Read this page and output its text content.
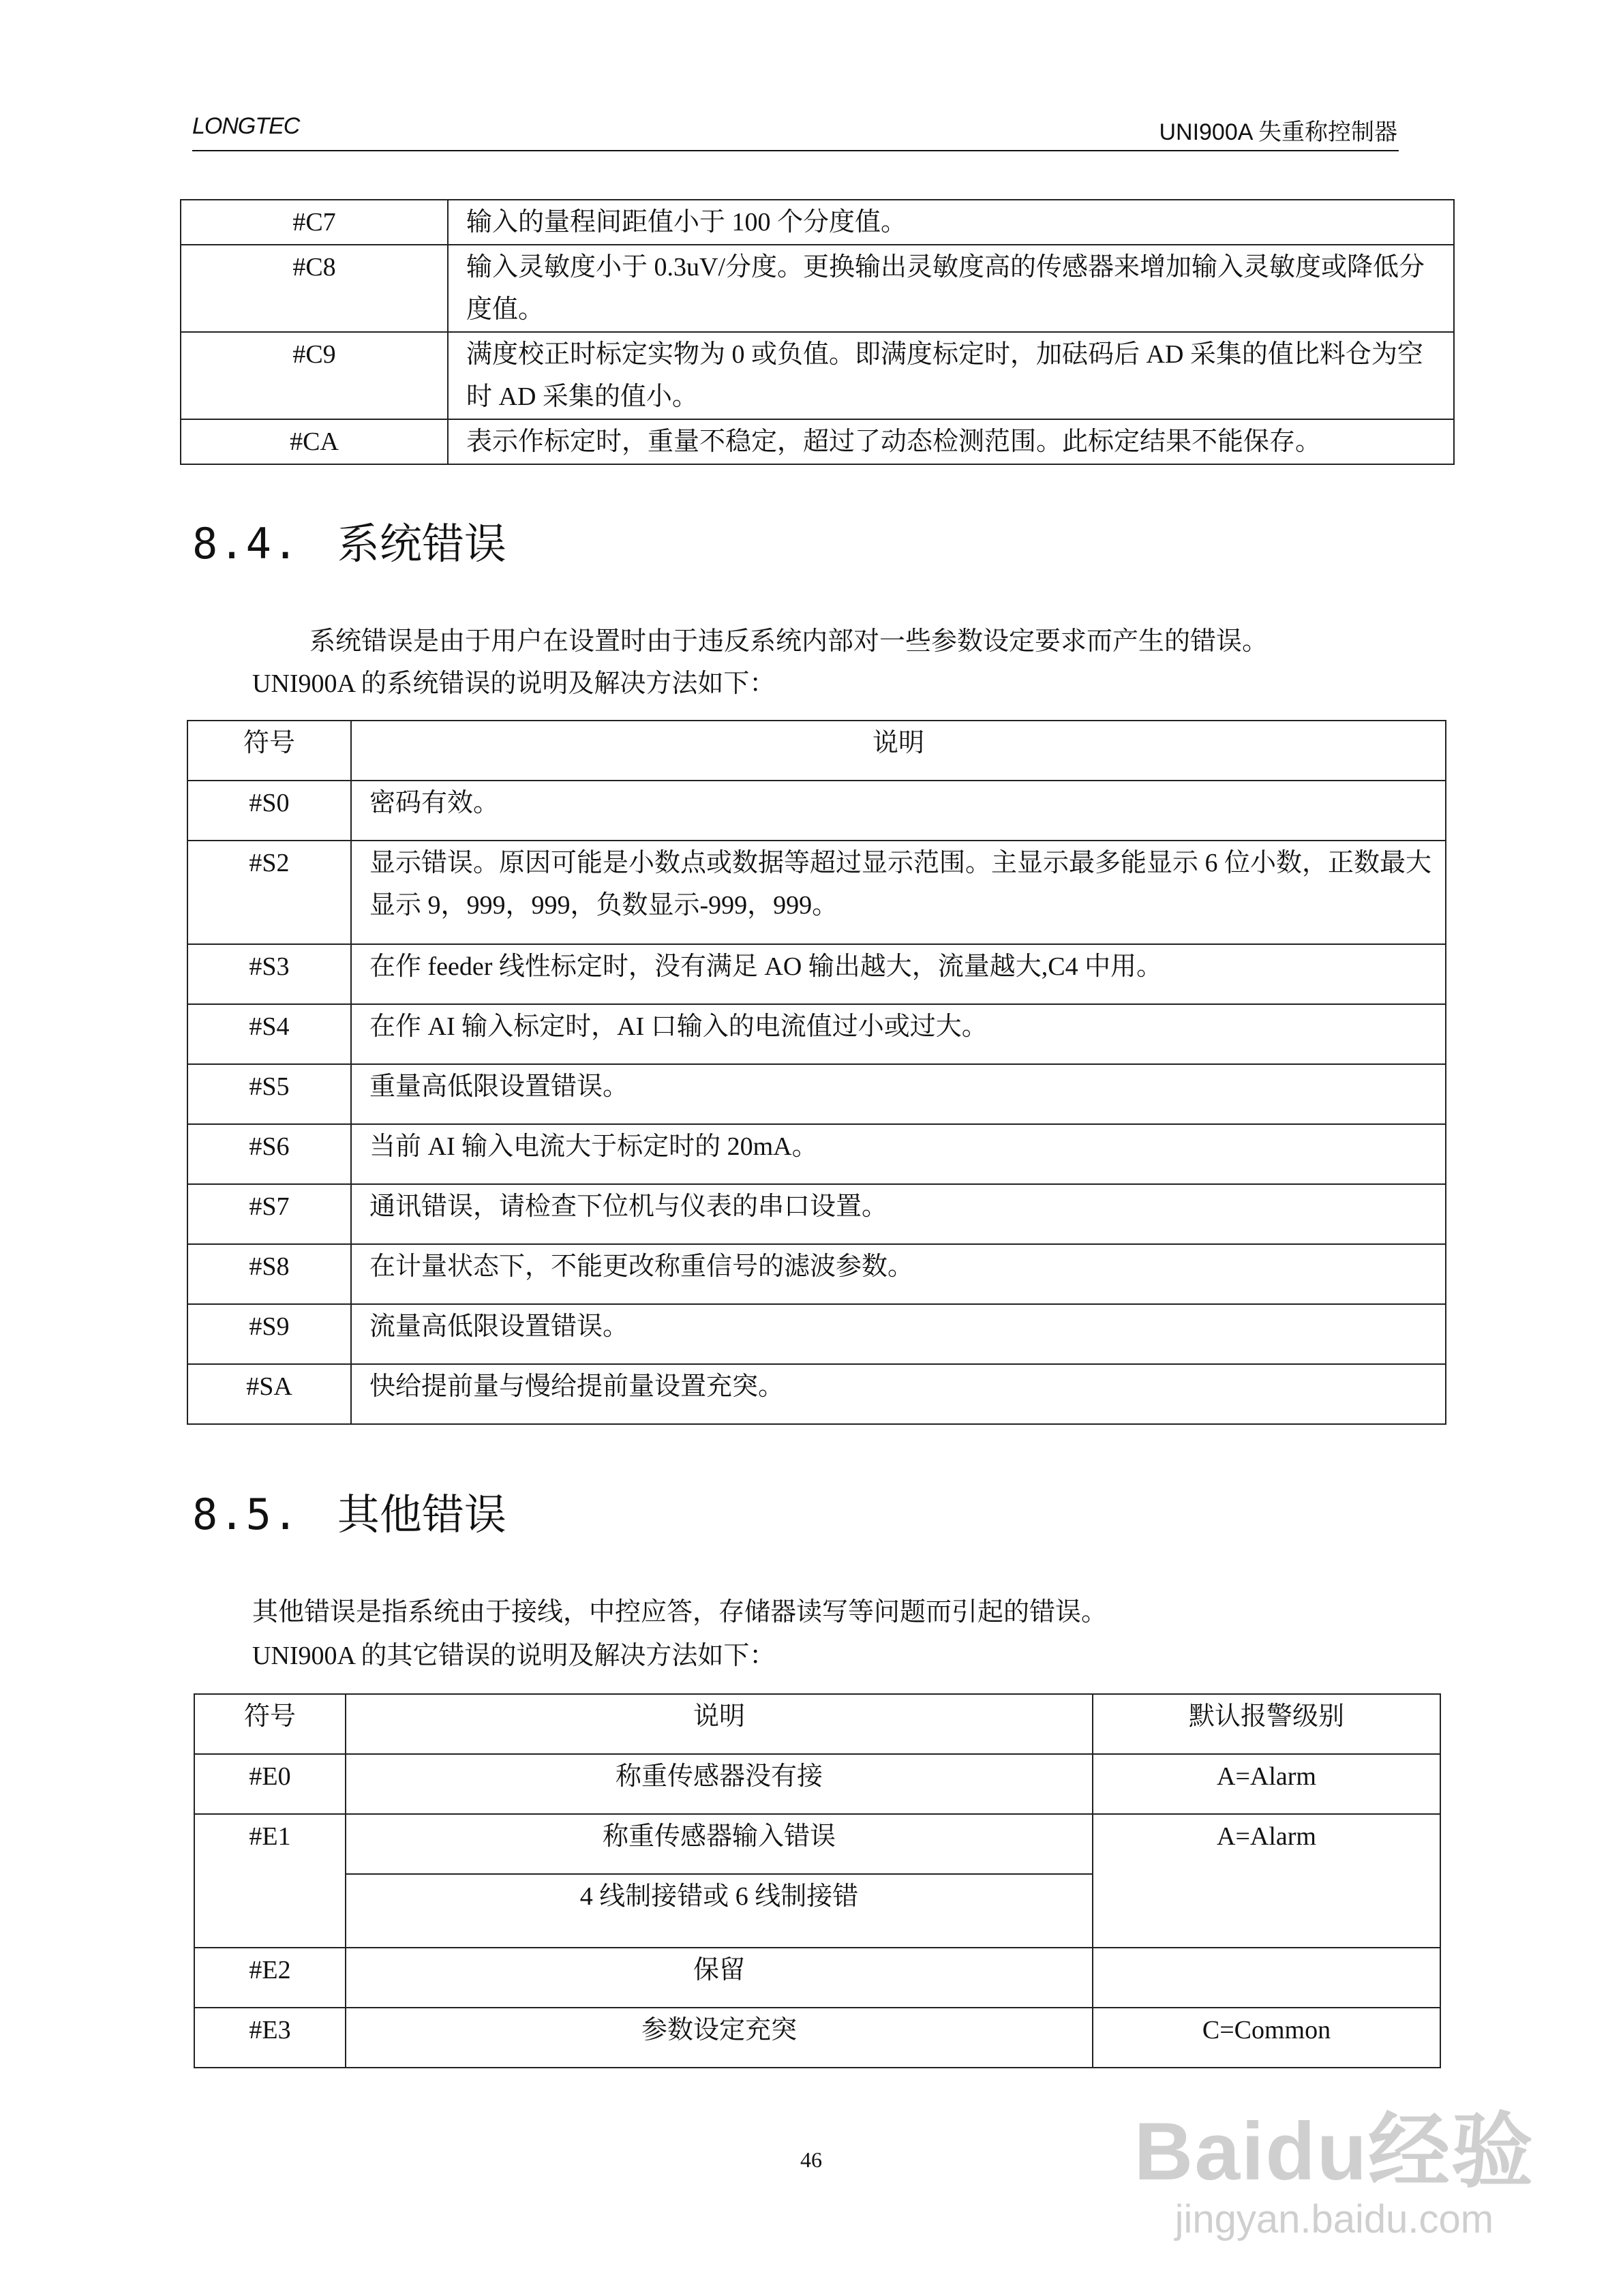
LONGTEC	UNI900A 失重称控制器
#C7	输入的量程间距值小于 100 个分度值。
#C8	输入灵敏度小于 0.3uV/分度。更换输出灵敏度高的传感器来增加输入灵敏度或降低分度值。
#C9	满度校正时标定实物为 0 或负值。即满度标定时，加砝码后 AD 采集的值比料仓为空时 AD 采集的值小。
#CA	表示作标定时，重量不稳定，超过了动态检测范围。此标定结果不能保存。
8.4. 系统错误
系统错误是由于用户在设置时由于违反系统内部对一些参数设定要求而产生的错误。
UNI900A 的系统错误的说明及解决方法如下：
符号	说明
#S0	密码有效。
#S2	显示错误。原因可能是小数点或数据等超过显示范围。主显示最多能显示 6 位小数，正数最大显示 9，999，999，负数显示-999，999。
#S3	在作 feeder 线性标定时，没有满足 AO 输出越大，流量越大,C4 中用。
#S4	在作 AI 输入标定时，AI 口输入的电流值过小或过大。
#S5	重量高低限设置错误。
#S6	当前 AI 输入电流大于标定时的 20mA。
#S7	通讯错误，请检查下位机与仪表的串口设置。
#S8	在计量状态下，不能更改称重信号的滤波参数。
#S9	流量高低限设置错误。
#SA	快给提前量与慢给提前量设置充突。
8.5. 其他错误
其他错误是指系统由于接线，中控应答，存储器读写等问题而引起的错误。
UNI900A 的其它错误的说明及解决方法如下：
符号	说明	默认报警级别
#E0	称重传感器没有接	A=Alarm
#E1	称重传感器输入错误	A=Alarm
	4 线制接错或 6 线制接错	
#E2	保留	
#E3	参数设定充突	C=Common
46	Baidu经验
jingyan.baidu.com
